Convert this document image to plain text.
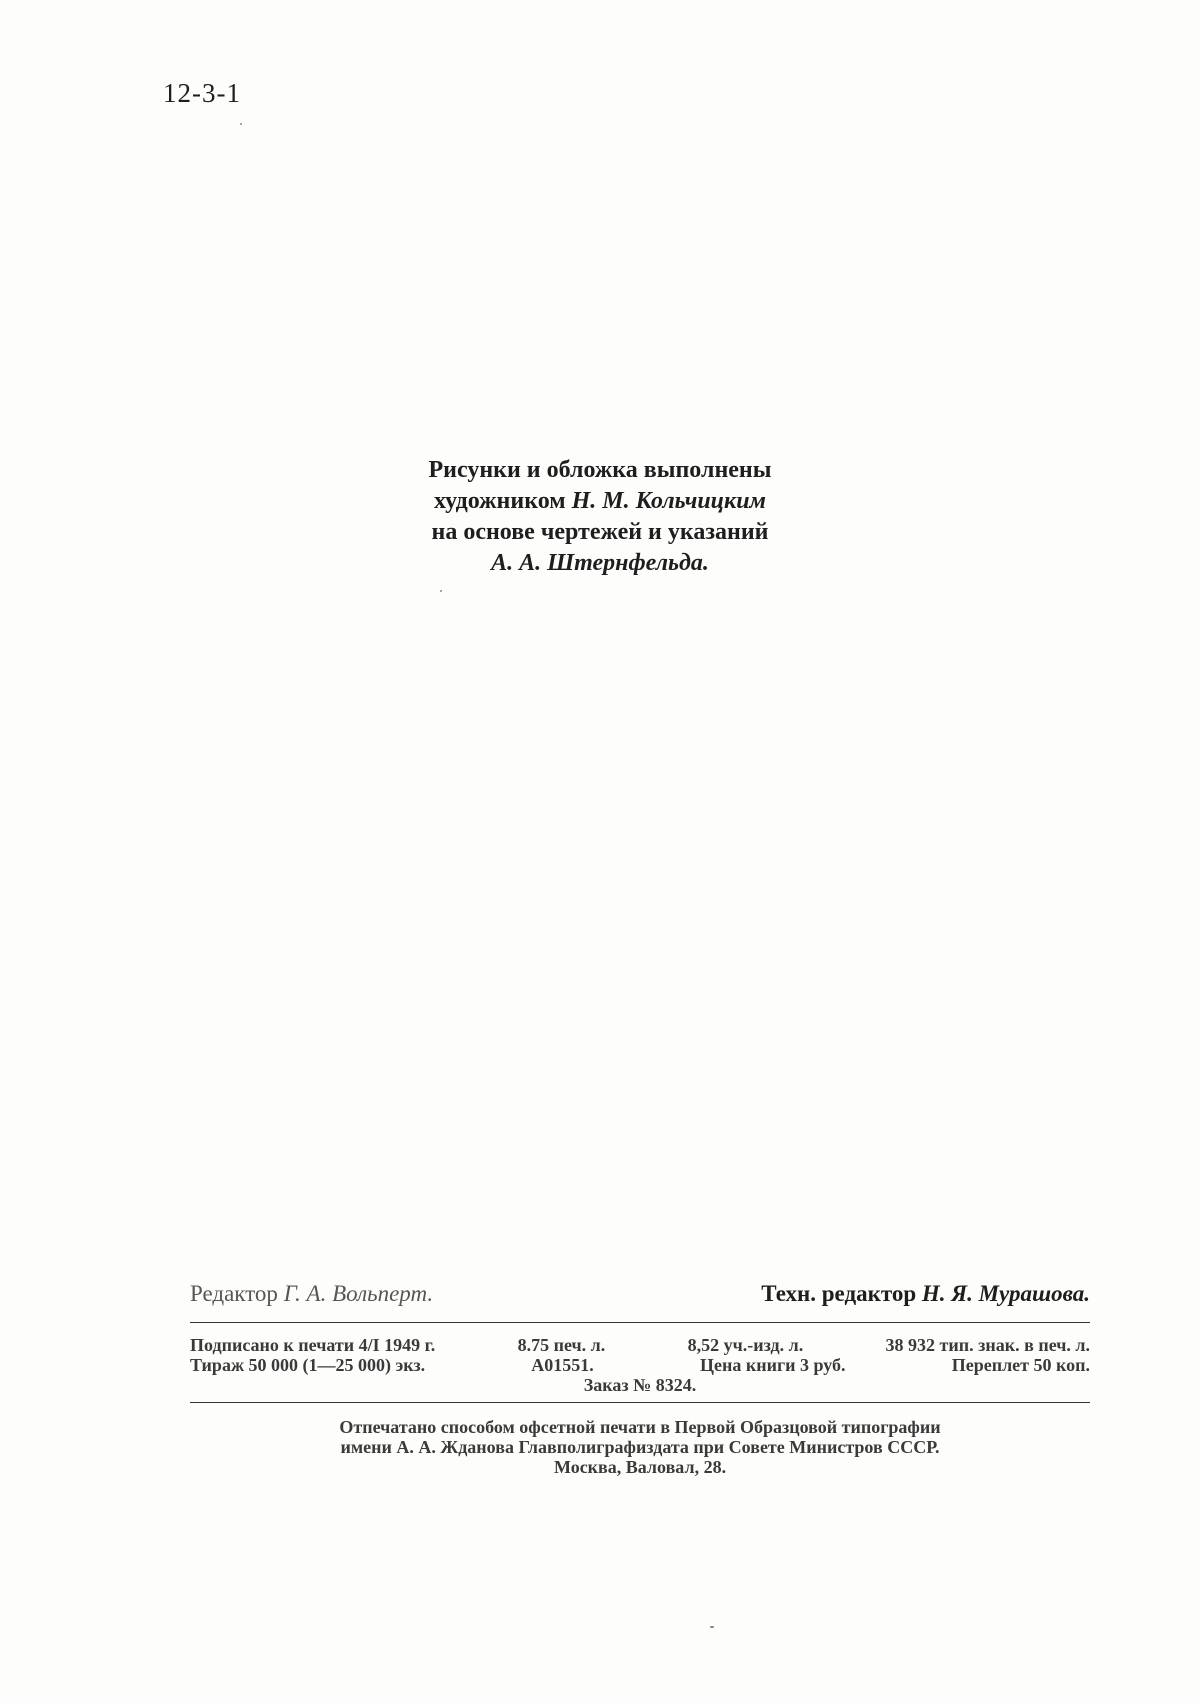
12-3-1
Рисунки и обложка выполнены
художником Н. М. Кольчицким
на основе чертежей и указаний
А. А. Штернфельда.
Редактор Г. А. Вольперт.	Техн. редактор Н. Я. Мурашова.
Подписано к печати 4/I 1949 г.	8.75 печ. л.	8,52 уч.-изд. л.	38 932 тип. знак. в печ. л.
Тираж 50 000 (1—25 000) экз.	А01551.	Цена книги 3 руб.	Переплет 50 коп.
Заказ № 8324.
Отпечатано способом офсетной печати в Первой Образцовой типографии
имени А. А. Жданова Главполиграфиздата при Совете Министров СССР.
Москва, Валовал, 28.
